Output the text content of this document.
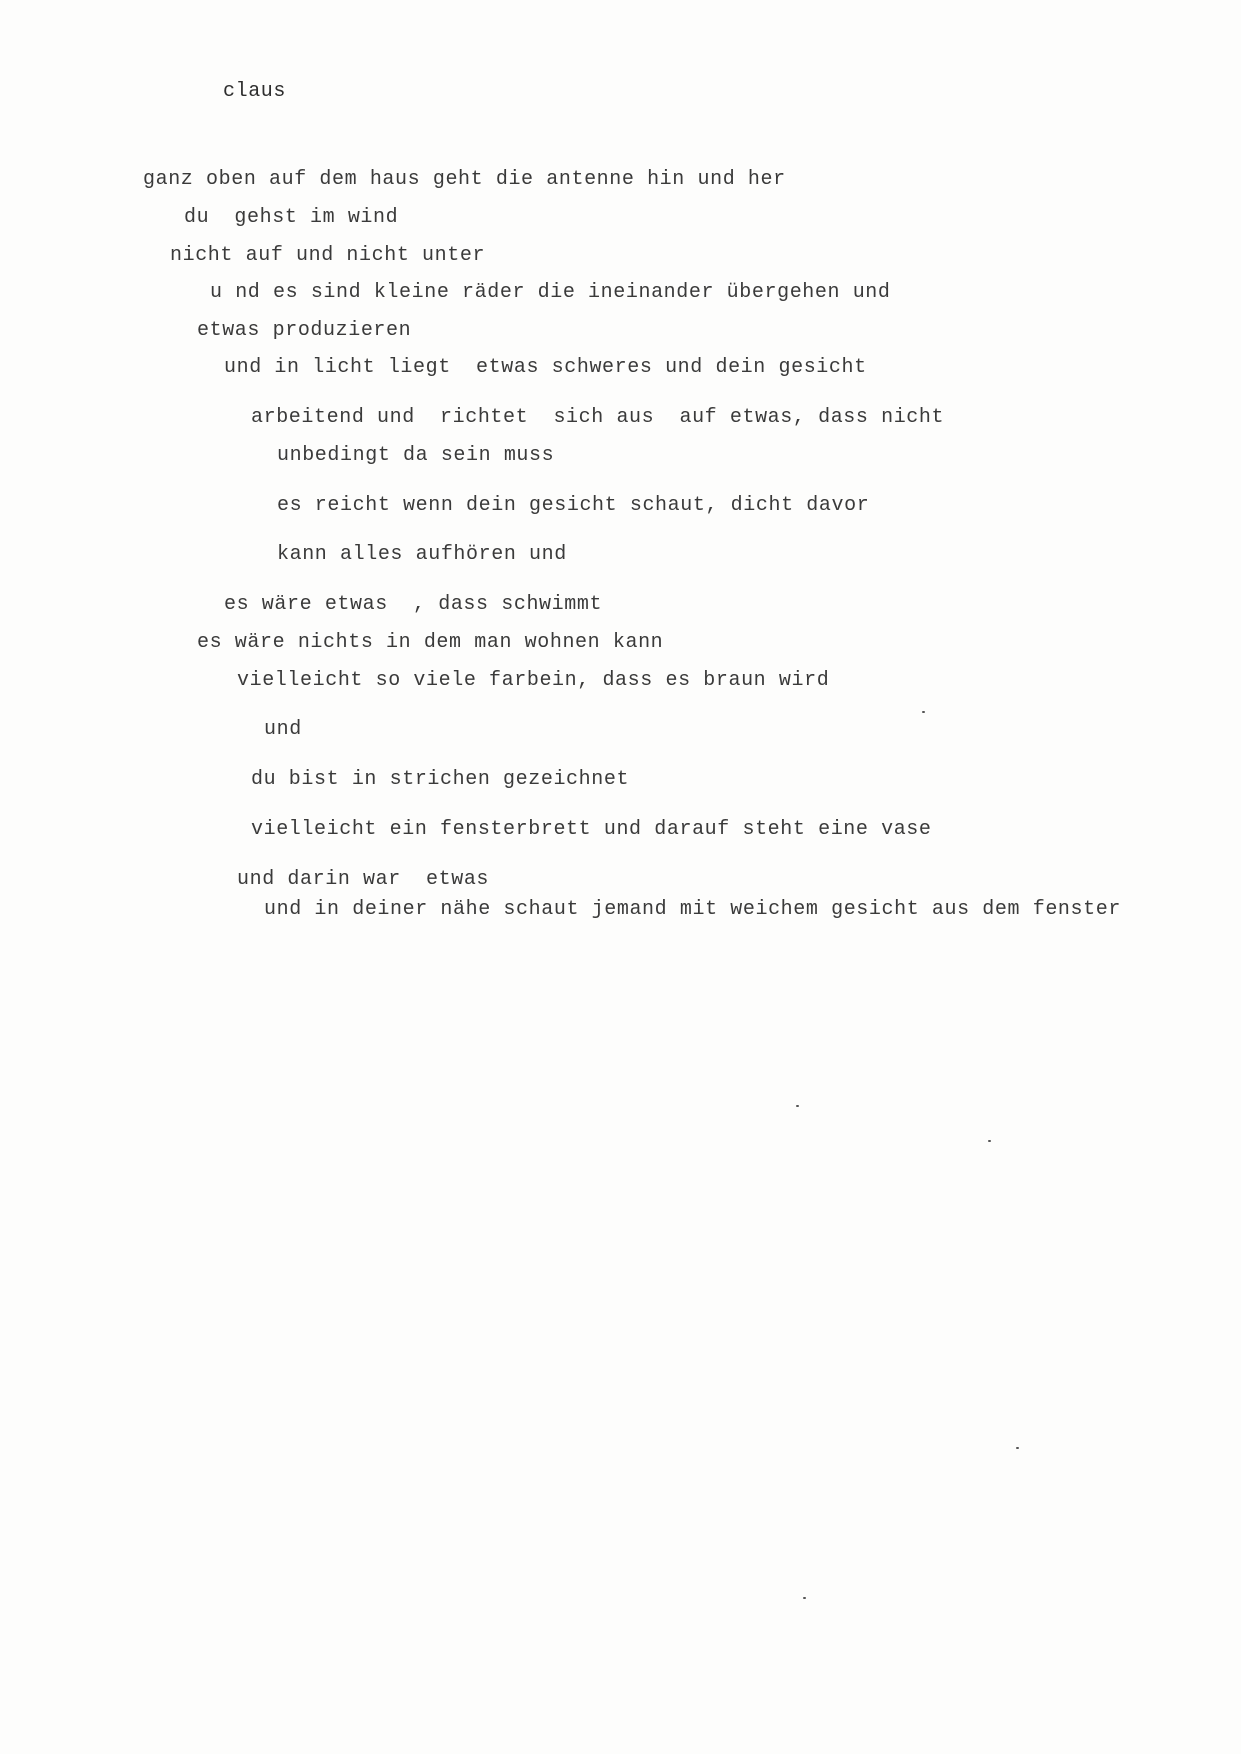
claus

ganz oben auf dem haus geht die antenne hin und her

du  gehst im wind

nicht auf und nicht unter

u nd es sind kleine räder die ineinander übergehen und

etwas produzieren

und in licht liegt  etwas schweres und dein gesicht

arbeitend und  richtet  sich aus  auf etwas, dass nicht

unbedingt da sein muss

es reicht wenn dein gesicht schaut, dicht davor

kann alles aufhören und

es wäre etwas  , dass schwimmt

es wäre nichts in dem man wohnen kann

vielleicht so viele farbein, dass es braun wird

und

du bist in strichen gezeichnet

vielleicht ein fensterbrett und darauf steht eine vase

und darin war  etwas

und in deiner nähe schaut jemand mit weichem gesicht aus dem fenster
